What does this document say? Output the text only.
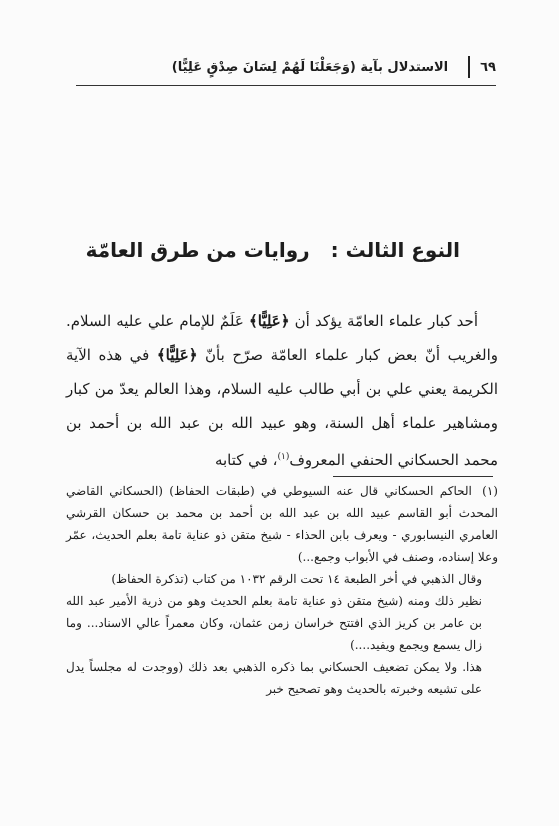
٦٩
الاستدلال بآية (وَجَعَلْنَا لَهُمْ لِسَانَ صِدْقٍ عَلِيًّا)
النوع الثالث : روايات من طرق العامّة

أحد كبار علماء العامّة يؤكد أن ﴿عَلِيًّا﴾ عَلَمٌ للإمام علي عليه السلام. والغريب أنّ بعض كبار علماء العامّة صرّح بأنّ ﴿عَلِيًّا﴾ في هذه الآية الكريمة يعني علي بن أبي طالب عليه السلام، وهذا العالم يعدّ من كبار ومشاهير علماء أهل السنة، وهو عبيد الله بن عبد الله بن أحمد بن محمد الحسكاني الحنفي المعروف$^{(١)}$، في كتابه

(١) الحاكم الحسكاني قال عنه السيوطي في (طبقات الحفاظ) (الحسكاني القاضي المحدث أبو القاسم عبيد الله بن عبد الله بن أحمد بن محمد بن حسكان القرشي العامري النيسابوري - ويعرف بابن الحذاء - شيخ متقن ذو عناية تامة بعلم الحديث، عمّر وعلا إسناده، وصنف في الأبواب وجمع...)

وقال الذهبي في أخر الطبعة ١٤ تحت الرقم ١٠٣٢ من كتاب (تذكرة الحفاظ)

نظير ذلك ومنه (شيخ متقن ذو عناية تامة بعلم الحديث وهو من ذرية الأمير عبد الله بن عامر بن كريز الذي افتتح خراسان زمن عثمان، وكان معمراً عالي الاسناد... وما زال يسمع ويجمع ويفيد....)

هذا. ولا يمكن تضعيف الحسكاني بما ذكره الذهبي بعد ذلك (ووجدت له مجلساً يدل على تشيعه وخبرته بالحديث وهو تصحيح خبر
